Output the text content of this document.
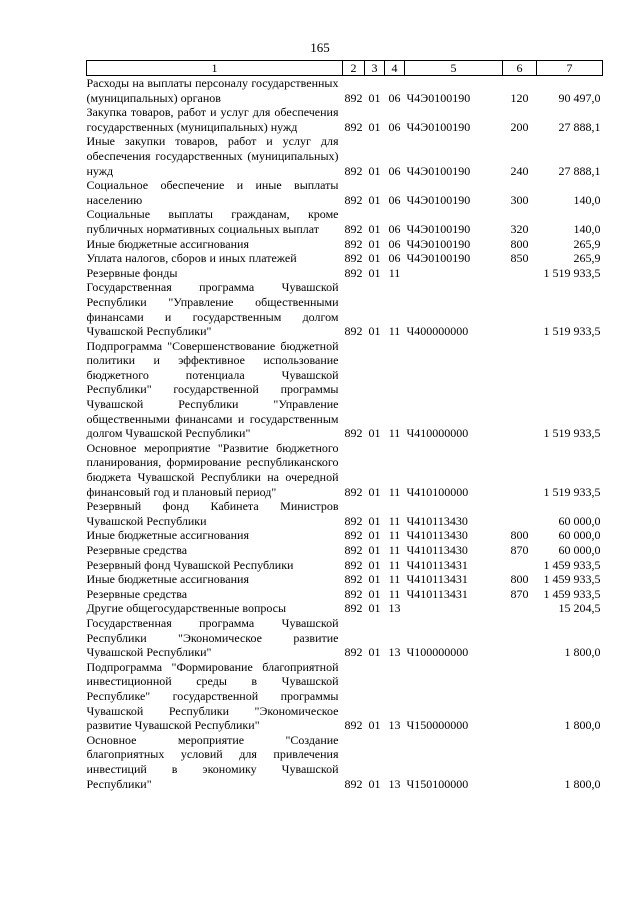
165
1	2	3	4	5	6	7
Расходы на выплаты персоналу государственных (муниципальных) органов	892	01	06	Ч4Э0100190	120	90 497,0
Закупка товаров, работ и услуг для обеспечения государственных (муниципальных) нужд	892	01	06	Ч4Э0100190	200	27 888,1
Иные закупки товаров, работ и услуг для обеспечения государственных (муниципальных) нужд	892	01	06	Ч4Э0100190	240	27 888,1
Социальное обеспечение и иные выплаты населению	892	01	06	Ч4Э0100190	300	140,0
Социальные выплаты гражданам, кроме публичных нормативных социальных выплат	892	01	06	Ч4Э0100190	320	140,0
Иные бюджетные ассигнования	892	01	06	Ч4Э0100190	800	265,9
Уплата налогов, сборов и иных платежей	892	01	06	Ч4Э0100190	850	265,9
Резервные фонды	892	01	11			1 519 933,5
Государственная программа Чувашской Республики "Управление общественными финансами и государственным долгом Чувашской Республики"	892	01	11	Ч400000000		1 519 933,5
Подпрограмма "Совершенствование бюджетной политики и эффективное использование бюджетного потенциала Чувашской Республики" государственной программы Чувашской Республики "Управление общественными финансами и государственным долгом Чувашской Республики"	892	01	11	Ч410000000		1 519 933,5
Основное мероприятие "Развитие бюджетного планирования, формирование республиканского бюджета Чувашской Республики на очередной финансовый год и плановый период"	892	01	11	Ч410100000		1 519 933,5
Резервный фонд Кабинета Министров Чувашской Республики	892	01	11	Ч410113430		60 000,0
Иные бюджетные ассигнования	892	01	11	Ч410113430	800	60 000,0
Резервные средства	892	01	11	Ч410113430	870	60 000,0
Резервный фонд Чувашской Республики	892	01	11	Ч410113431		1 459 933,5
Иные бюджетные ассигнования	892	01	11	Ч410113431	800	1 459 933,5
Резервные средства	892	01	11	Ч410113431	870	1 459 933,5
Другие общегосударственные вопросы	892	01	13			15 204,5
Государственная программа Чувашской Республики "Экономическое развитие Чувашской Республики"	892	01	13	Ч100000000		1 800,0
Подпрограмма "Формирование благоприятной инвестиционной среды в Чувашской Республике" государственной программы Чувашской Республики "Экономическое развитие Чувашской Республики"	892	01	13	Ч150000000		1 800,0
Основное мероприятие "Создание благоприятных условий для привлечения инвестиций в экономику Чувашской Республики"	892	01	13	Ч150100000		1 800,0
